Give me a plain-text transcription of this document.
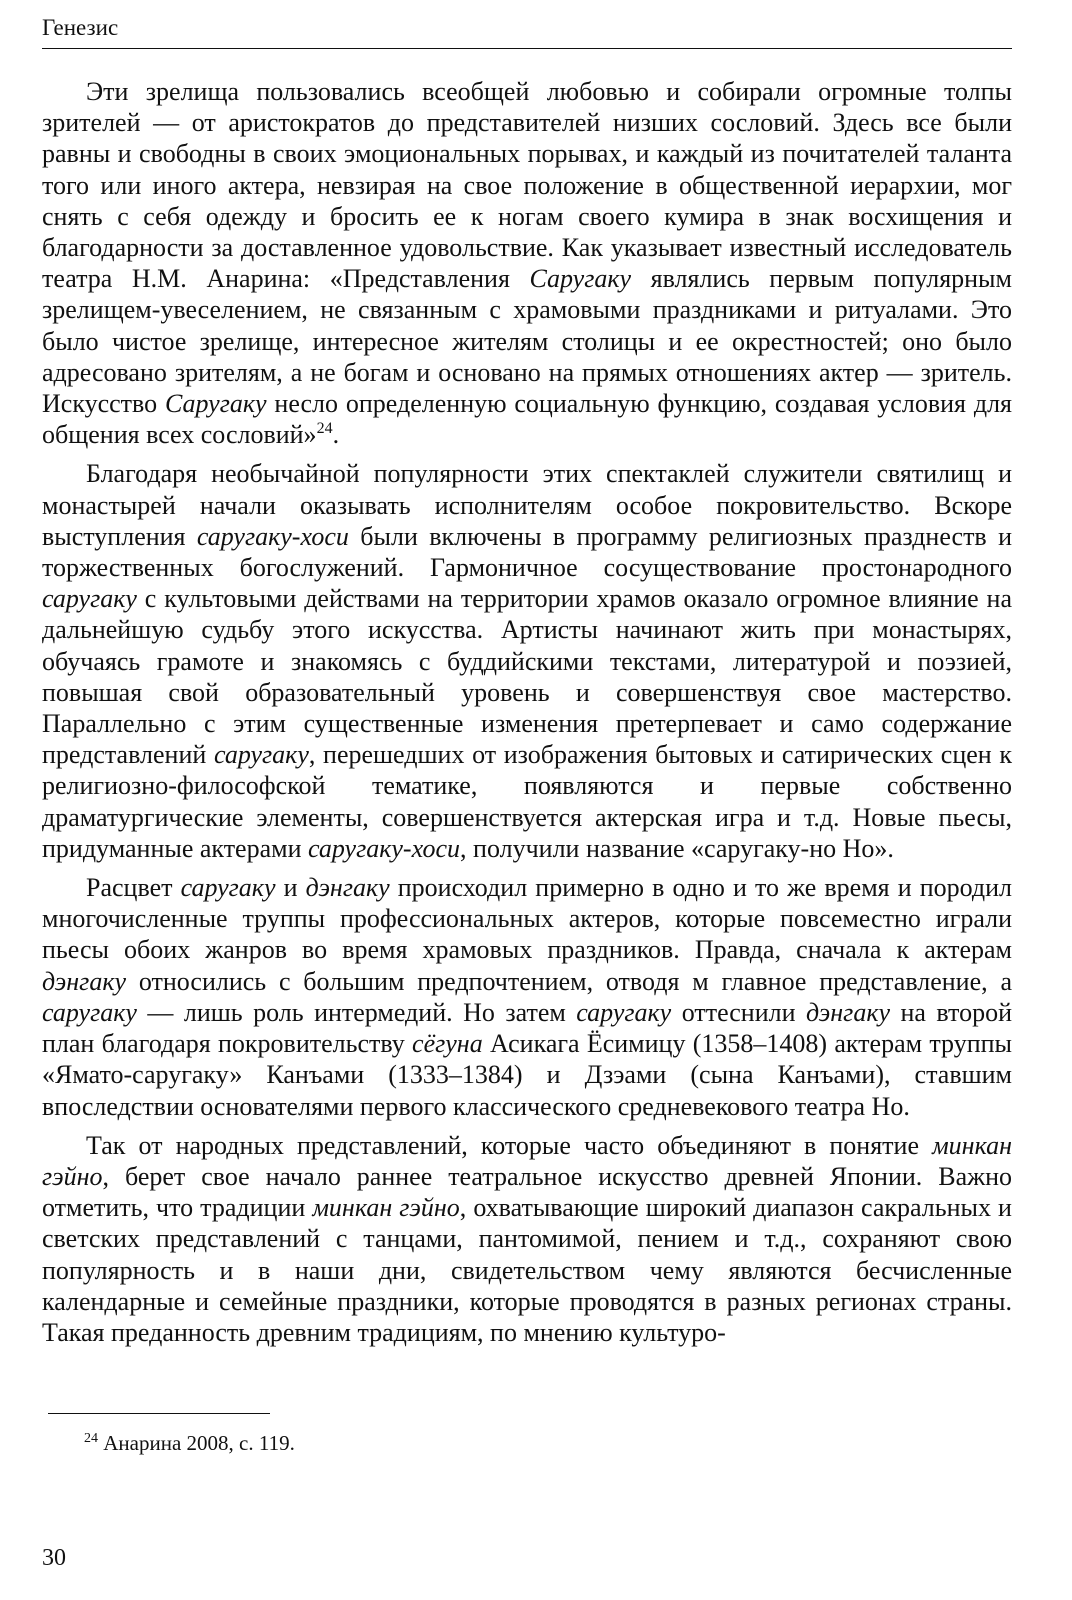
Генезис

Эти зрелища пользовались всеобщей любовью и собирали огромные толпы зрителей — от аристократов до представителей низших сословий. Здесь все были равны и свободны в своих эмоциональных порывах, и каждый из почитателей таланта того или иного актера, невзирая на свое положение в общественной иерархии, мог снять с себя одежду и бросить ее к ногам своего кумира в знак восхищения и благодарности за доставленное удовольствие. Как указывает известный исследователь театра Н.М. Анарина: «Представления Саругаку являлись первым популярным зрелищем-увеселением, не связанным с храмовыми праздниками и ритуалами. Это было чистое зрелище, интересное жителям столицы и ее окрестностей; оно было адресовано зрителям, а не богам и основано на прямых отношениях актер — зритель. Искусство Саругаку несло определенную социальную функцию, создавая условия для общения всех сословий»$^{24}$.

Благодаря необычайной популярности этих спектаклей служители святилищ и монастырей начали оказывать исполнителям особое покровительство. Вскоре выступления саругаку-хоси были включены в программу религиозных празднеств и торжественных богослужений. Гармоничное сосуществование простонародного саругаку с культовыми действами на территории храмов оказало огромное влияние на дальнейшую судьбу этого искусства. Артисты начинают жить при монастырях, обучаясь грамоте и знакомясь с буддийскими текстами, литературой и поэзией, повышая свой образовательный уровень и совершенствуя свое мастерство. Параллельно с этим существенные изменения претерпевает и само содержание представлений саругаку, перешедших от изображения бытовых и сатирических сцен к религиозно-философской тематике, появляются и первые собственно драматургические элементы, совершенствуется актерская игра и т.д. Новые пьесы, придуманные актерами саругаку-хоси, получили название «саругаку-но Но».

Расцвет саругаку и дэнгаку происходил примерно в одно и то же время и породил многочисленные труппы профессиональных актеров, которые повсеместно играли пьесы обоих жанров во время храмовых праздников. Правда, сначала к актерам дэнгаку относились с большим предпочтением, отводя м главное представление, а саругаку — лишь роль интермедий. Но затем саругаку оттеснили дэнгаку на второй план благодаря покровительству сёгуна Асикага Ёсимицу (1358–1408) актерам труппы «Ямато-саругаку» Канъами (1333–1384) и Дзэами (сына Канъами), ставшим впоследствии основателями первого классического средневекового театра Но.

Так от народных представлений, которые часто объединяют в понятие минкан гэйно, берет свое начало раннее театральное искусство древней Японии. Важно отметить, что традиции минкан гэйно, охватывающие широкий диапазон сакральных и светских представлений с танцами, пантомимой, пением и т.д., сохраняют свою популярность и в наши дни, свидетельством чему являются бесчисленные календарные и семейные праздники, которые проводятся в разных регионах страны. Такая преданность древним традициям, по мнению культуро-

$^{24}$ Анарина 2008, с. 119.
30
